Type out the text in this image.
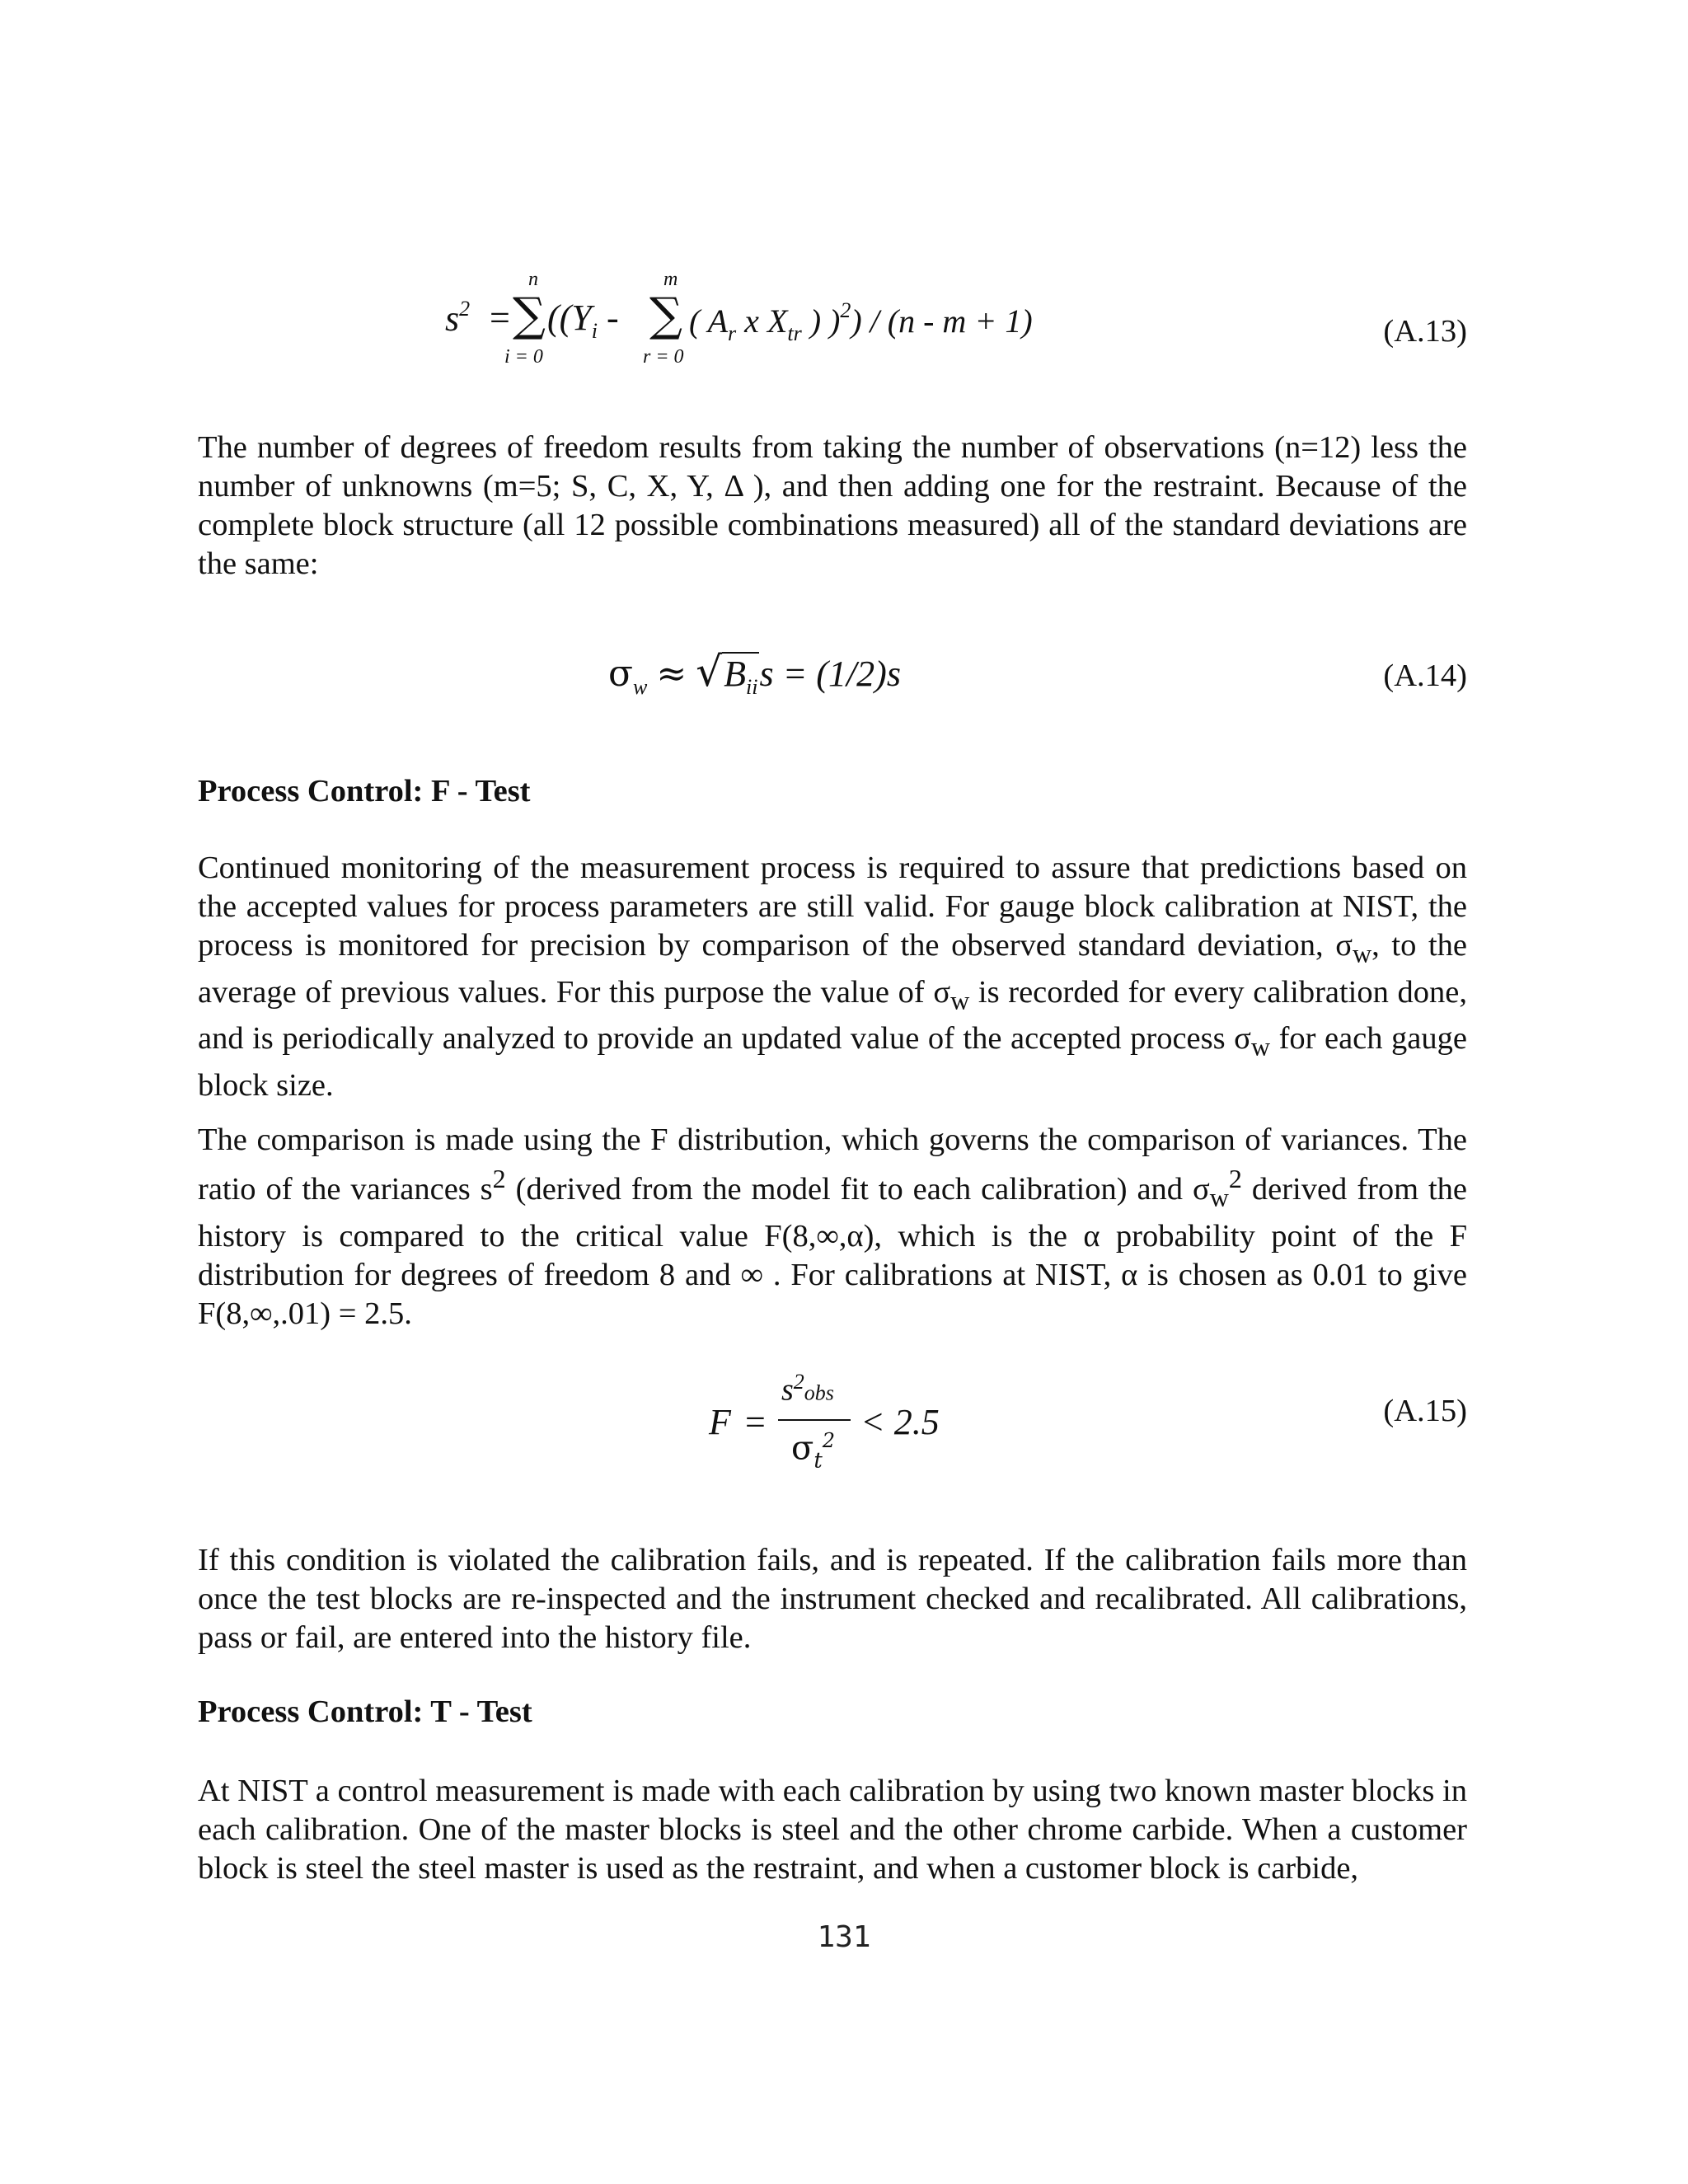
$s^2$ =
n
∑
i = 0
(($Y_i$ -
m
∑
r = 0
( $A_r$ x $X_{tr}$ ) )$^2$) / (n - m + 1)	(A.13)

The number of degrees of freedom results from taking the number of observations (n=12) less the number of unknowns (m=5; S, C, X, Y, Δ ), and then adding one for the restraint. Because of the complete block structure (all 12 possible combinations measured) all of the standard deviations are the same:

$\sigma_w \approx √B_{ii}s = (1/2)s$	(A.14)
Process Control: F - Test

Continued monitoring of the measurement process is required to assure that predictions based on the accepted values for process parameters are still valid. For gauge block calibration at NIST, the process is monitored for precision by comparison of the observed standard deviation, $\sigma_w$, to the average of previous values. For this purpose the value of $\sigma_w$ is recorded for every calibration done, and is periodically analyzed to provide an updated value of the accepted process $\sigma_w$ for each gauge block size.

The comparison is made using the F distribution, which governs the comparison of variances. The ratio of the variances $s^2$ (derived from the model fit to each calibration) and $\sigma_w^2$ derived from the history is compared to the critical value F(8,∞,α), which is the α probability point of the F distribution for degrees of freedom 8 and ∞ . For calibrations at NIST, α is chosen as 0.01 to give F(8,∞,.01) = 2.5.

F =
$s^2obs$
$\sigma_t^2 < 2.5$	(A.15)

If this condition is violated the calibration fails, and is repeated. If the calibration fails more than once the test blocks are re-inspected and the instrument checked and recalibrated. All calibrations, pass or fail, are entered into the history file.

Process Control: T - Test

At NIST a control measurement is made with each calibration by using two known master blocks in each calibration. One of the master blocks is steel and the other chrome carbide. When a customer block is steel the steel master is used as the restraint, and when a customer block is carbide,

131
